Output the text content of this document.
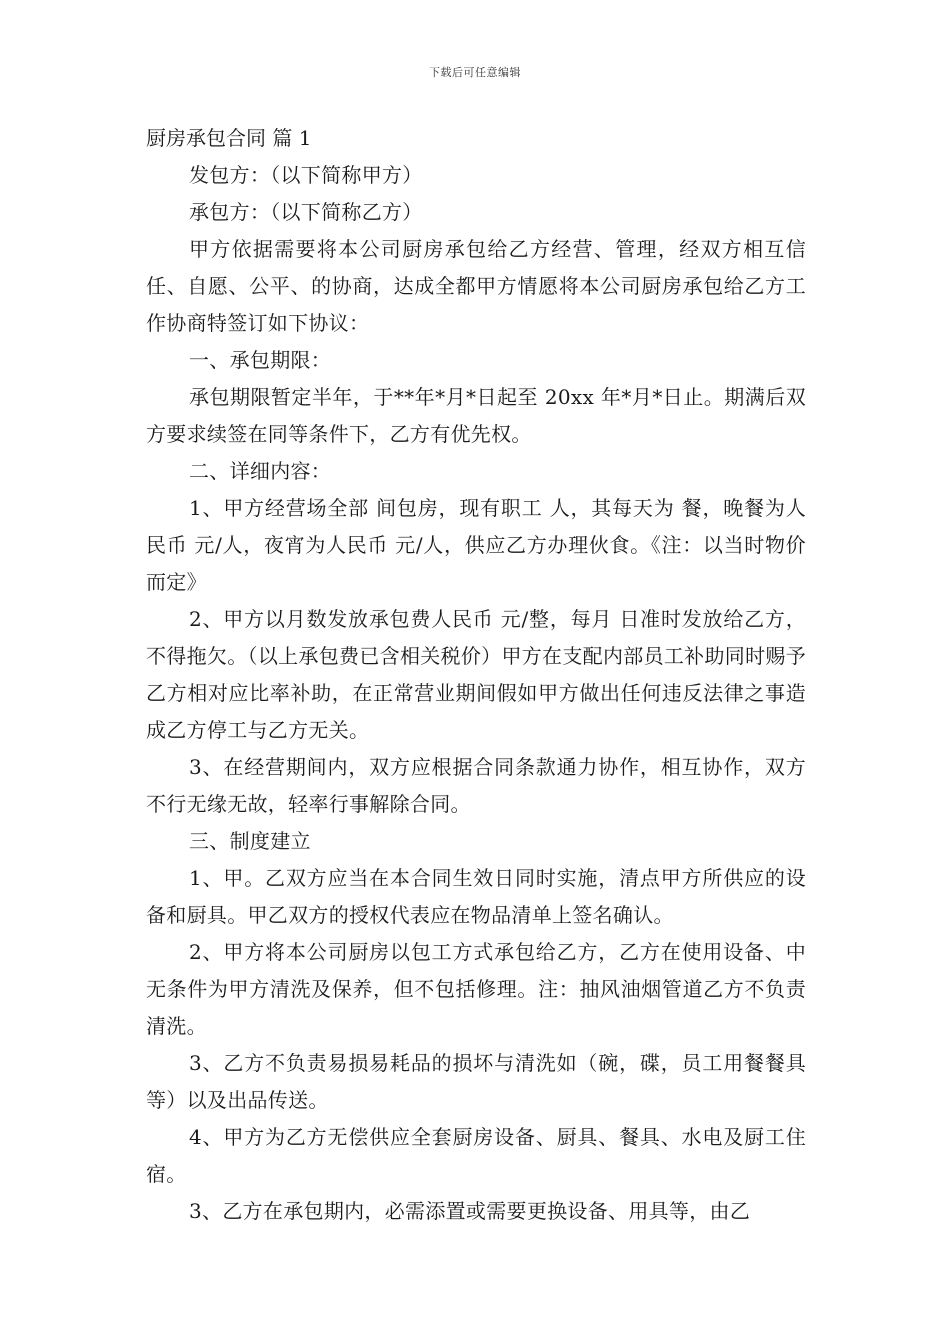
下载后可任意编辑

厨房承包合同 篇 1

发包方：（以下简称甲方）

承包方：（以下简称乙方）

甲方依据需要将本公司厨房承包给乙方经营、管理，经双方相互信任、自愿、公平、的协商，达成全都甲方情愿将本公司厨房承包给乙方工作协商特签订如下协议：

一、承包期限：

承包期限暂定半年，于**年*月*日起至 20xx 年*月*日止。期满后双方要求续签在同等条件下，乙方有优先权。

二、详细内容：

1、甲方经营场全部 间包房，现有职工 人，其每天为 餐，晚餐为人民币 元/人，夜宵为人民币 元/人，供应乙方办理伙食。《注：以当时物价而定》

2、甲方以月数发放承包费人民币 元/整，每月 日准时发放给乙方，不得拖欠。（以上承包费已含相关税价）甲方在支配内部员工补助同时赐予乙方相对应比率补助，在正常营业期间假如甲方做出任何违反法律之事造成乙方停工与乙方无关。

3、在经营期间内，双方应根据合同条款通力协作，相互协作，双方不行无缘无故，轻率行事解除合同。

三、制度建立

1、甲。乙双方应当在本合同生效日同时实施，清点甲方所供应的设备和厨具。甲乙双方的授权代表应在物品清单上签名确认。

2、甲方将本公司厨房以包工方式承包给乙方，乙方在使用设备、中无条件为甲方清洗及保养，但不包括修理。注：抽风油烟管道乙方不负责清洗。

3、乙方不负责易损易耗品的损坏与清洗如（碗，碟，员工用餐餐具等）以及出品传送。

4、甲方为乙方无偿供应全套厨房设备、厨具、餐具、水电及厨工住宿。

3、乙方在承包期内，必需添置或需要更换设备、用具等，由乙
